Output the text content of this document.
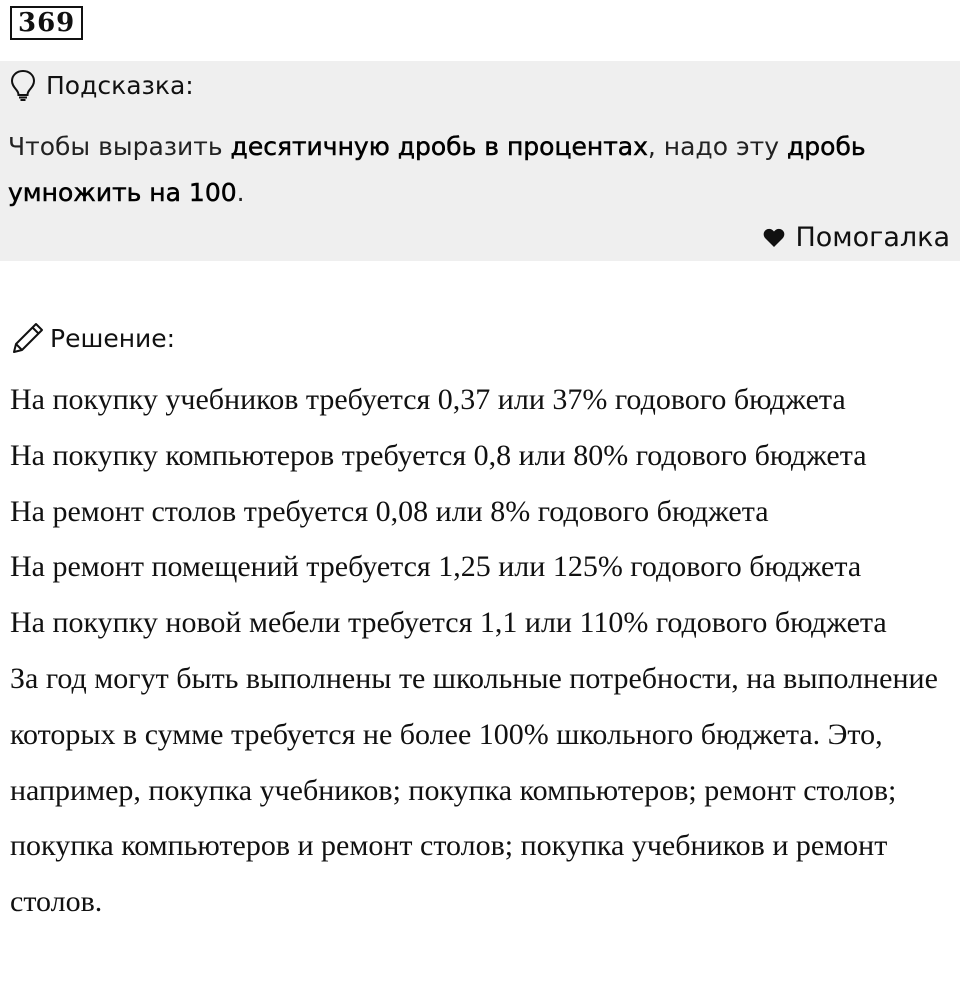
369
Подсказка:
Чтобы выразить десятичную дробь в процентах, надо эту дробь умножить на 100.
Помогалка
Решение:

На покупку учебников требуется 0,37 или 37% годового бюджета

На покупку компьютеров требуется 0,8 или 80% годового бюджета

На ремонт столов требуется 0,08 или 8% годового бюджета

На ремонт помещений требуется 1,25 или 125% годового бюджета

На покупку новой мебели требуется 1,1 или 110% годового бюджета

За год могут быть выполнены те школьные потребности, на выполнение которых в сумме требуется не более 100% школьного бюджета. Это, например, покупка учебников; покупка компьютеров; ремонт столов; покупка компьютеров и ремонт столов; покупка учебников и ремонт столов.
